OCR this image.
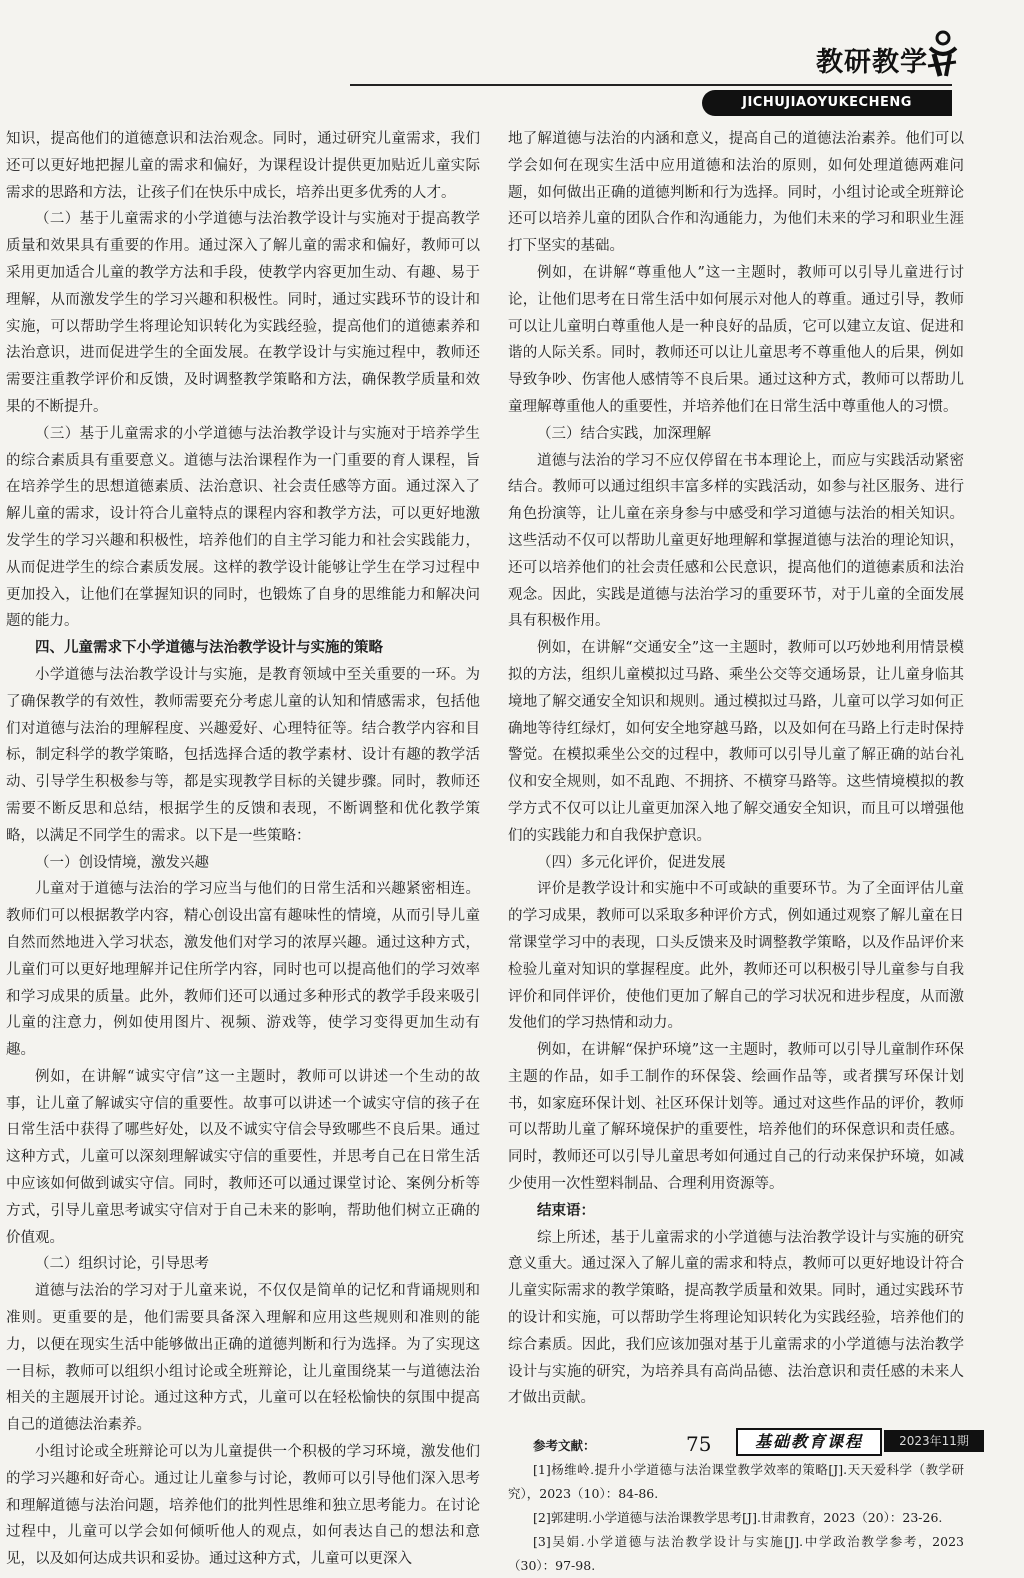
教研教学
JICHUJIAOYUKECHENG

知识，提高他们的道德意识和法治观念。同时，通过研究儿童需求，我们还可以更好地把握儿童的需求和偏好，为课程设计提供更加贴近儿童实际需求的思路和方法，让孩子们在快乐中成长，培养出更多优秀的人才。

（二）基于儿童需求的小学道德与法治教学设计与实施对于提高教学质量和效果具有重要的作用。通过深入了解儿童的需求和偏好，教师可以采用更加适合儿童的教学方法和手段，使教学内容更加生动、有趣、易于理解，从而激发学生的学习兴趣和积极性。同时，通过实践环节的设计和实施，可以帮助学生将理论知识转化为实践经验，提高他们的道德素养和法治意识，进而促进学生的全面发展。在教学设计与实施过程中，教师还需要注重教学评价和反馈，及时调整教学策略和方法，确保教学质量和效果的不断提升。

（三）基于儿童需求的小学道德与法治教学设计与实施对于培养学生的综合素质具有重要意义。道德与法治课程作为一门重要的育人课程，旨在培养学生的思想道德素质、法治意识、社会责任感等方面。通过深入了解儿童的需求，设计符合儿童特点的课程内容和教学方法，可以更好地激发学生的学习兴趣和积极性，培养他们的自主学习能力和社会实践能力，从而促进学生的综合素质发展。这样的教学设计能够让学生在学习过程中更加投入，让他们在掌握知识的同时，也锻炼了自身的思维能力和解决问题的能力。

四、儿童需求下小学道德与法治教学设计与实施的策略

小学道德与法治教学设计与实施，是教育领域中至关重要的一环。为了确保教学的有效性，教师需要充分考虑儿童的认知和情感需求，包括他们对道德与法治的理解程度、兴趣爱好、心理特征等。结合教学内容和目标，制定科学的教学策略，包括选择合适的教学素材、设计有趣的教学活动、引导学生积极参与等，都是实现教学目标的关键步骤。同时，教师还需要不断反思和总结，根据学生的反馈和表现，不断调整和优化教学策略，以满足不同学生的需求。以下是一些策略：

（一）创设情境，激发兴趣

儿童对于道德与法治的学习应当与他们的日常生活和兴趣紧密相连。教师们可以根据教学内容，精心创设出富有趣味性的情境，从而引导儿童自然而然地进入学习状态，激发他们对学习的浓厚兴趣。通过这种方式，儿童们可以更好地理解并记住所学内容，同时也可以提高他们的学习效率和学习成果的质量。此外，教师们还可以通过多种形式的教学手段来吸引儿童的注意力，例如使用图片、视频、游戏等，使学习变得更加生动有趣。

例如，在讲解“诚实守信”这一主题时，教师可以讲述一个生动的故事，让儿童了解诚实守信的重要性。故事可以讲述一个诚实守信的孩子在日常生活中获得了哪些好处，以及不诚实守信会导致哪些不良后果。通过这种方式，儿童可以深刻理解诚实守信的重要性，并思考自己在日常生活中应该如何做到诚实守信。同时，教师还可以通过课堂讨论、案例分析等方式，引导儿童思考诚实守信对于自己未来的影响，帮助他们树立正确的价值观。

（二）组织讨论，引导思考

道德与法治的学习对于儿童来说，不仅仅是简单的记忆和背诵规则和准则。更重要的是，他们需要具备深入理解和应用这些规则和准则的能力，以便在现实生活中能够做出正确的道德判断和行为选择。为了实现这一目标，教师可以组织小组讨论或全班辩论，让儿童围绕某一与道德法治相关的主题展开讨论。通过这种方式，儿童可以在轻松愉快的氛围中提高自己的道德法治素养。

小组讨论或全班辩论可以为儿童提供一个积极的学习环境，激发他们的学习兴趣和好奇心。通过让儿童参与讨论，教师可以引导他们深入思考和理解道德与法治问题，培养他们的批判性思维和独立思考能力。在讨论过程中，儿童可以学会如何倾听他人的观点，如何表达自己的想法和意见，以及如何达成共识和妥协。通过这种方式，儿童可以更深入

地了解道德与法治的内涵和意义，提高自己的道德法治素养。他们可以学会如何在现实生活中应用道德和法治的原则，如何处理道德两难问题，如何做出正确的道德判断和行为选择。同时，小组讨论或全班辩论还可以培养儿童的团队合作和沟通能力，为他们未来的学习和职业生涯打下坚实的基础。

例如，在讲解“尊重他人”这一主题时，教师可以引导儿童进行讨论，让他们思考在日常生活中如何展示对他人的尊重。通过引导，教师可以让儿童明白尊重他人是一种良好的品质，它可以建立友谊、促进和谐的人际关系。同时，教师还可以让儿童思考不尊重他人的后果，例如导致争吵、伤害他人感情等不良后果。通过这种方式，教师可以帮助儿童理解尊重他人的重要性，并培养他们在日常生活中尊重他人的习惯。

（三）结合实践，加深理解

道德与法治的学习不应仅停留在书本理论上，而应与实践活动紧密结合。教师可以通过组织丰富多样的实践活动，如参与社区服务、进行角色扮演等，让儿童在亲身参与中感受和学习道德与法治的相关知识。这些活动不仅可以帮助儿童更好地理解和掌握道德与法治的理论知识，还可以培养他们的社会责任感和公民意识，提高他们的道德素质和法治观念。因此，实践是道德与法治学习的重要环节，对于儿童的全面发展具有积极作用。

例如，在讲解“交通安全”这一主题时，教师可以巧妙地利用情景模拟的方法，组织儿童模拟过马路、乘坐公交等交通场景，让儿童身临其境地了解交通安全知识和规则。通过模拟过马路，儿童可以学习如何正确地等待红绿灯，如何安全地穿越马路，以及如何在马路上行走时保持警觉。在模拟乘坐公交的过程中，教师可以引导儿童了解正确的站台礼仪和安全规则，如不乱跑、不拥挤、不横穿马路等。这些情境模拟的教学方式不仅可以让儿童更加深入地了解交通安全知识，而且可以增强他们的实践能力和自我保护意识。

（四）多元化评价，促进发展

评价是教学设计和实施中不可或缺的重要环节。为了全面评估儿童的学习成果，教师可以采取多种评价方式，例如通过观察了解儿童在日常课堂学习中的表现，口头反馈来及时调整教学策略，以及作品评价来检验儿童对知识的掌握程度。此外，教师还可以积极引导儿童参与自我评价和同伴评价，使他们更加了解自己的学习状况和进步程度，从而激发他们的学习热情和动力。

例如，在讲解“保护环境”这一主题时，教师可以引导儿童制作环保主题的作品，如手工制作的环保袋、绘画作品等，或者撰写环保计划书，如家庭环保计划、社区环保计划等。通过对这些作品的评价，教师可以帮助儿童了解环境保护的重要性，培养他们的环保意识和责任感。同时，教师还可以引导儿童思考如何通过自己的行动来保护环境，如减少使用一次性塑料制品、合理利用资源等。

结束语：

综上所述，基于儿童需求的小学道德与法治教学设计与实施的研究意义重大。通过深入了解儿童的需求和特点，教师可以更好地设计符合儿童实际需求的教学策略，提高教学质量和效果。同时，通过实践环节的设计和实施，可以帮助学生将理论知识转化为实践经验，培养他们的综合素质。因此，我们应该加强对基于儿童需求的小学道德与法治教学设计与实施的研究，为培养具有高尚品德、法治意识和责任感的未来人才做出贡献。

参考文献：

[1]杨维岭.提升小学道德与法治课堂教学效率的策略[J].天天爱科学（教学研究），2023（10）：84-86.

[2]郭建明.小学道德与法治课教学思考[J].甘肃教育，2023（20）：23-26.

[3]吴娟.小学道德与法治教学设计与实施[J].中学政治教学参考，2023（30）：97-98.

75	基础教育课程	2023年11期
